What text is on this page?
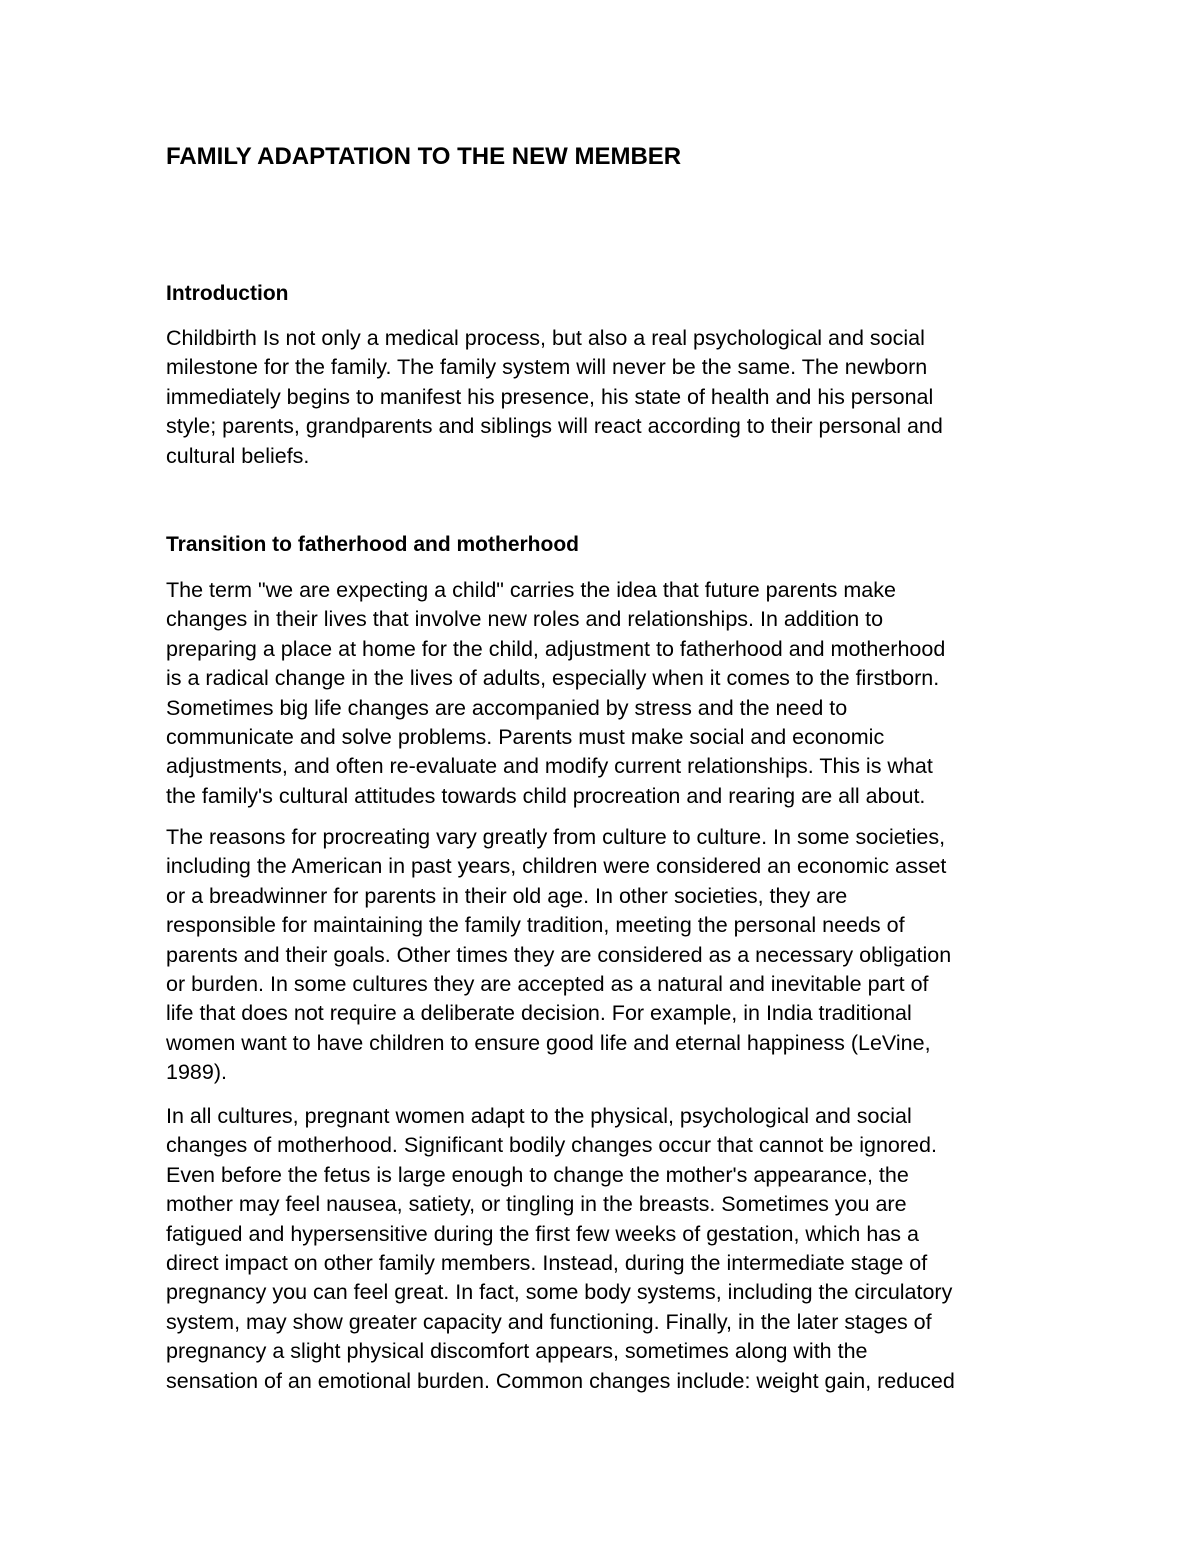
FAMILY ADAPTATION TO THE NEW MEMBER
Introduction

Childbirth Is not only a medical process, but also a real psychological and social
milestone for the family. The family system will never be the same. The newborn
immediately begins to manifest his presence, his state of health and his personal
style; parents, grandparents and siblings will react according to their personal and
cultural beliefs.

Transition to fatherhood and motherhood

The term "we are expecting a child" carries the idea that future parents make
changes in their lives that involve new roles and relationships. In addition to
preparing a place at home for the child, adjustment to fatherhood and motherhood
is a radical change in the lives of adults, especially when it comes to the firstborn.
Sometimes big life changes are accompanied by stress and the need to
communicate and solve problems. Parents must make social and economic
adjustments, and often re-evaluate and modify current relationships. This is what
the family's cultural attitudes towards child procreation and rearing are all about.

The reasons for procreating vary greatly from culture to culture. In some societies,
including the American in past years, children were considered an economic asset
or a breadwinner for parents in their old age. In other societies, they are
responsible for maintaining the family tradition, meeting the personal needs of
parents and their goals. Other times they are considered as a necessary obligation
or burden. In some cultures they are accepted as a natural and inevitable part of
life that does not require a deliberate decision. For example, in India traditional
women want to have children to ensure good life and eternal happiness (LeVine,
1989).

In all cultures, pregnant women adapt to the physical, psychological and social
changes of motherhood. Significant bodily changes occur that cannot be ignored.
Even before the fetus is large enough to change the mother's appearance, the
mother may feel nausea, satiety, or tingling in the breasts. Sometimes you are
fatigued and hypersensitive during the first few weeks of gestation, which has a
direct impact on other family members. Instead, during the intermediate stage of
pregnancy you can feel great. In fact, some body systems, including the circulatory
system, may show greater capacity and functioning. Finally, in the later stages of
pregnancy a slight physical discomfort appears, sometimes along with the
sensation of an emotional burden. Common changes include: weight gain, reduced
